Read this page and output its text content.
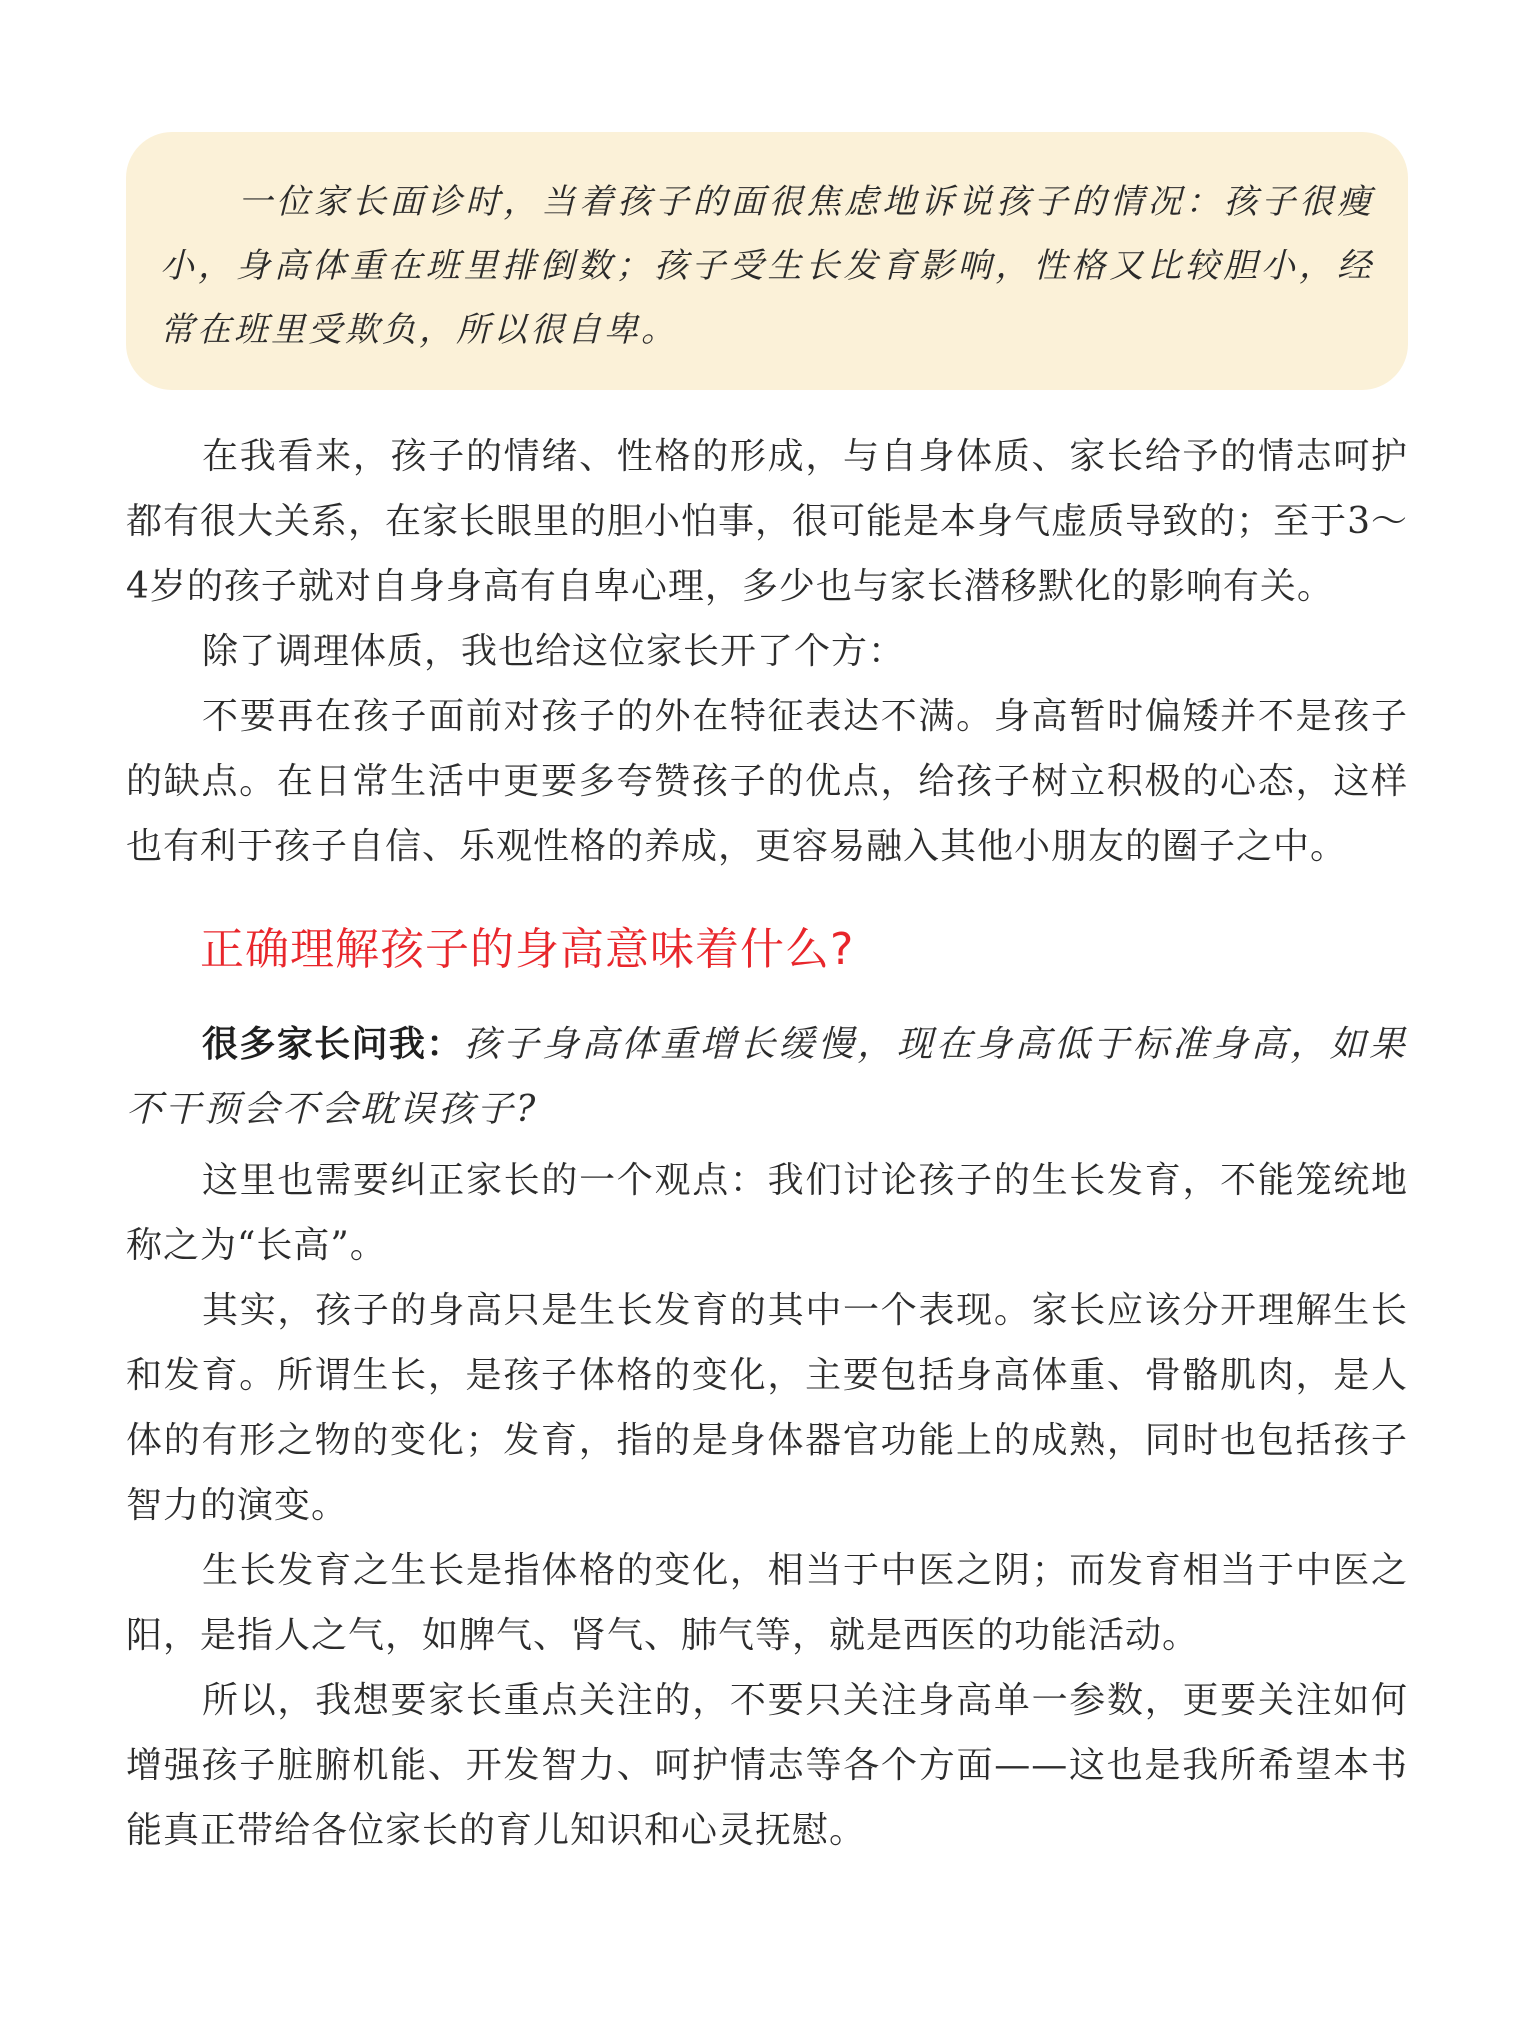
一位家长面诊时，当着孩子的面很焦虑地诉说孩子的情况：孩子很瘦小，身高体重在班里排倒数；孩子受生长发育影响，性格又比较胆小，经常在班里受欺负，所以很自卑。

在我看来，孩子的情绪、性格的形成，与自身体质、家长给予的情志呵护都有很大关系，在家长眼里的胆小怕事，很可能是本身气虚质导致的；至于3～4岁的孩子就对自身身高有自卑心理，多少也与家长潜移默化的影响有关。

除了调理体质，我也给这位家长开了个方：

不要再在孩子面前对孩子的外在特征表达不满。身高暂时偏矮并不是孩子的缺点。在日常生活中更要多夸赞孩子的优点，给孩子树立积极的心态，这样也有利于孩子自信、乐观性格的养成，更容易融入其他小朋友的圈子之中。

正确理解孩子的身高意味着什么?

很多家长问我：孩子身高体重增长缓慢，现在身高低于标准身高，如果不干预会不会耽误孩子?

这里也需要纠正家长的一个观点：我们讨论孩子的生长发育，不能笼统地称之为“长高”。

其实，孩子的身高只是生长发育的其中一个表现。家长应该分开理解生长和发育。所谓生长，是孩子体格的变化，主要包括身高体重、骨骼肌肉，是人体的有形之物的变化；发育，指的是身体器官功能上的成熟，同时也包括孩子智力的演变。

生长发育之生长是指体格的变化，相当于中医之阴；而发育相当于中医之阳，是指人之气，如脾气、肾气、肺气等，就是西医的功能活动。

所以，我想要家长重点关注的，不要只关注身高单一参数，更要关注如何增强孩子脏腑机能、开发智力、呵护情志等各个方面——这也是我所希望本书能真正带给各位家长的育儿知识和心灵抚慰。
